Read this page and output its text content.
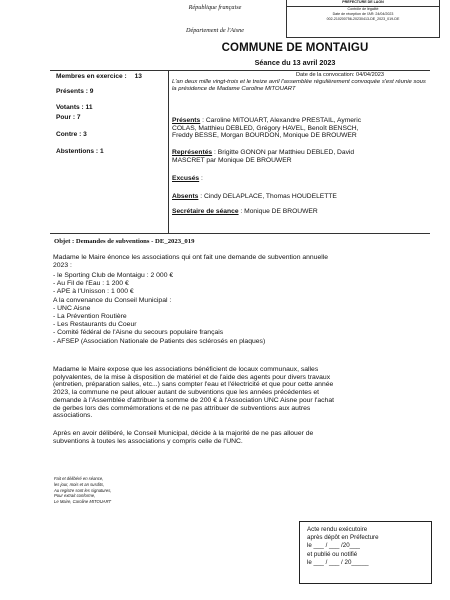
PRÉFECTURE DE LAON
Contrôle de légalité
Date de réception de l'AR: 24/04/2023
002-210200756-20230413-DE_2023_019-DE
République française
Département de l'Aisne
COMMUNE DE MONTAIGU
Séance du 13 avril 2023
Membres en exercice : 13
Présents : 9
Votants : 11
Pour : 7
Contre : 3
Abstentions : 1
Date de la convocation: 04/04/2023
L'an deux mille vingt-trois et le treize avril l'assemblée régulièrement convoquée s'est réunie sous la présidence de Madame Caroline MITOUART
Présents : Caroline MITOUART, Alexandre PRESTAIL, Aymeric
COLAS, Matthieu DEBLED, Grégory HAVEL, Benoît BENSCH,
Freddy BESSE, Morgan BOURDON, Monique DE BROUWER
Représentés : Brigitte GONON par Matthieu DEBLED, David
MASCRET par Monique DE BROUWER
Excusés :
Absents : Cindy DELAPLACE, Thomas HOUDELETTE
Secrétaire de séance : Monique DE BROUWER
Objet : Demandes de subventions - DE_2023_019
Madame le Maire énonce les associations qui ont fait une demande de subvention annuelle
2023 :
- le Sporting Club de Montaigu : 2 000 €
- Au Fil de l'Eau : 1 200 €
- APE à l'Unisson : 1 000 €
A la convenance du Conseil Municipal :
- UNC Aisne
- La Prévention Routière
- Les Restaurants du Coeur
- Comité fédéral de l'Aisne du secours populaire français
- AFSEP (Association Nationale de Patients des sclérosés en plaques)
Madame le Maire expose que les associations bénéficient de locaux communaux, salles
polyvalentes, de la mise à disposition de matériel et de l'aide des agents pour divers travaux
(entretien, préparation salles, etc...) sans compter l'eau et l'électricité et que pour cette année
2023, la commune ne peut allouer autant de subventions que les années précédentes et
demande à l'Assemblée d'attribuer la somme de 200 € à l'Association UNC Aisne pour l'achat
de gerbes lors des commémorations et de ne pas attribuer de subventions aux autres
associations.
Après en avoir délibéré, le Conseil Municipal, décide à la majorité de ne pas allouer de
subventions à toutes les associations y compris celle de l'UNC.
Fait et délibéré en séance,
les jour, mois et an susdits,
Au registre sont les signatures,
Pour extrait conforme,
Le Maire, Caroline MITOUART
Acte rendu exécutoire
après dépôt en Préfecture
le ___ / ___ /20___
et publié ou notifié
le ___ / ___ / 20_____
